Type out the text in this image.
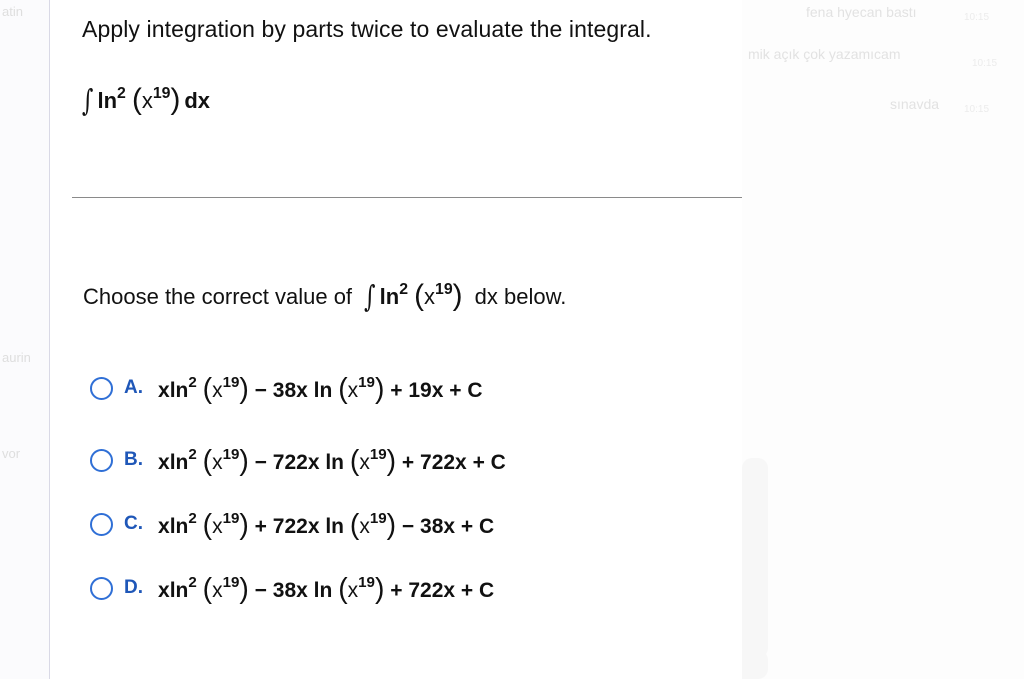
atin
aurin
vor
fena hyecan bastı	10:15
mik açık çok yazamıcam
10:15
sınavda 10:15
Apply integration by parts twice to evaluate the integral.
∫ $\ln^2 (x^{19})$ dx
Choose the correct value of ∫ $\ln^2 (x^{19})$ dx below.
A. xln$^2$ $(x^{19}) - 38x$ $\ln (x^{19}) + 19x + C$
B. xln$^2$ $(x^{19}) - 722x$ $\ln (x^{19}) + 722x + C$
C. xln$^2$ $(x^{19}) + 722x$ $\ln (x^{19}) - 38x + C$
D. xln$^2$ $(x^{19}) - 38x$ $\ln (x^{19}) + 722x + C$
